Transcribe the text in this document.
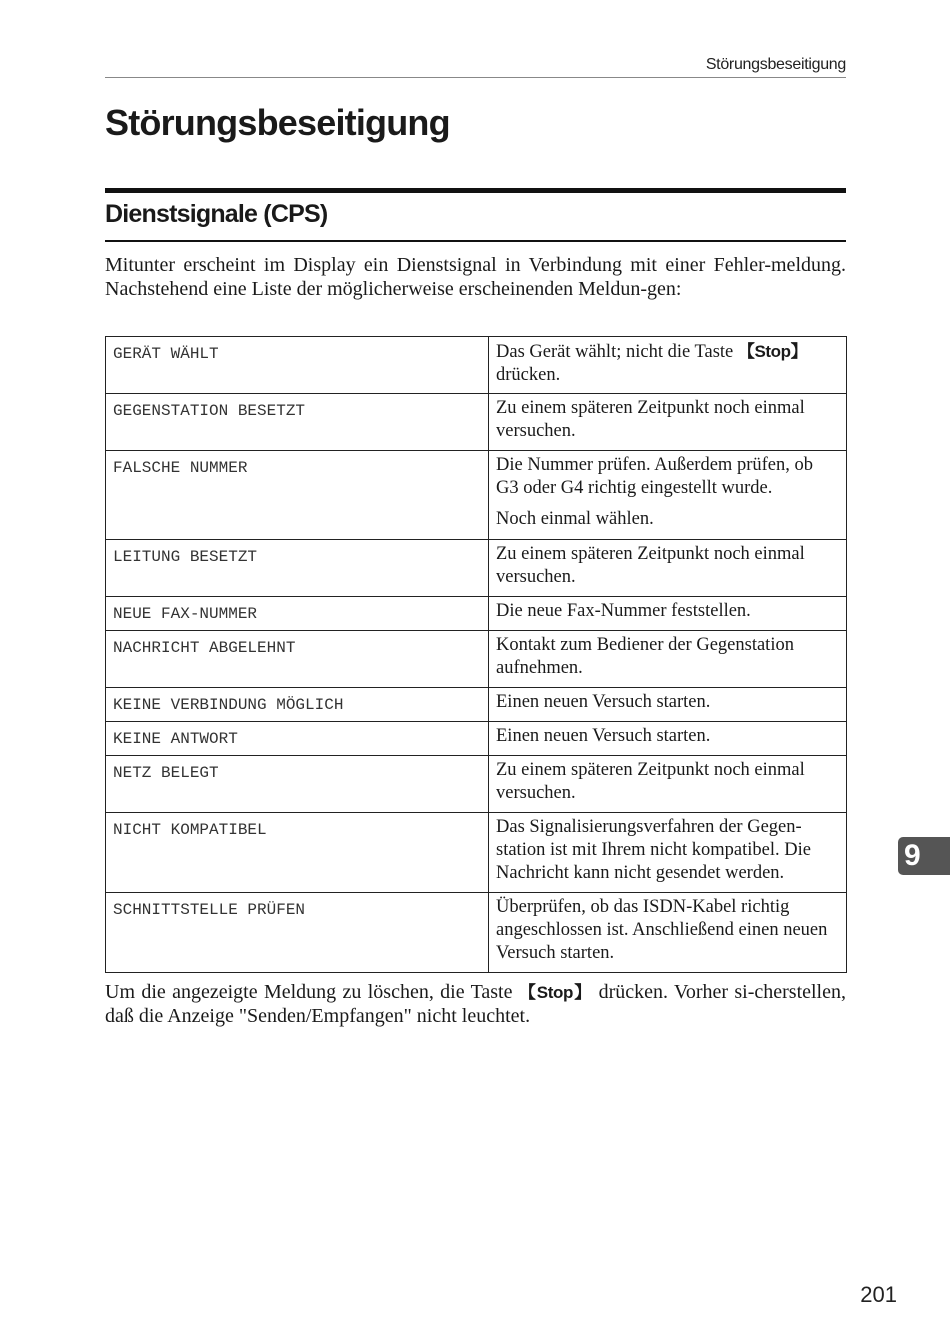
Störungsbeseitigung
Störungsbeseitigung
Dienstsignale (CPS)

Mitunter erscheint im Display ein Dienstsignal in Verbindung mit einer Fehler-meldung. Nachstehend eine Liste der möglicherweise erscheinenden Meldun-gen:

GERÄT WÄHLT	Das Gerät wählt; nicht die Taste 【Stop】 drücken.
GEGENSTATION BESETZT	Zu einem späteren Zeitpunkt noch einmal versuchen.
FALSCHE NUMMER	Die Nummer prüfen. Außerdem prüfen, ob G3 oder G4 richtig eingestellt wurde.

Noch einmal wählen.

LEITUNG BESETZT	Zu einem späteren Zeitpunkt noch einmal versuchen.
NEUE FAX-NUMMER	Die neue Fax-Nummer feststellen.
NACHRICHT ABGELEHNT	Kontakt zum Bediener der Gegenstation aufnehmen.
KEINE VERBINDUNG MÖGLICH	Einen neuen Versuch starten.
KEINE ANTWORT	Einen neuen Versuch starten.
NETZ BELEGT	Zu einem späteren Zeitpunkt noch einmal versuchen.
NICHT KOMPATIBEL	Das Signalisierungsverfahren der Gegen-station ist mit Ihrem nicht kompatibel. Die Nachricht kann nicht gesendet werden.
SCHNITTSTELLE PRÜFEN	Überprüfen, ob das ISDN-Kabel richtig angeschlossen ist. Anschließend einen neuen Versuch starten.

Um die angezeigte Meldung zu löschen, die Taste 【Stop】 drücken. Vorher si-cherstellen, daß die Anzeige "Senden/Empfangen" nicht leuchtet.

9
201
